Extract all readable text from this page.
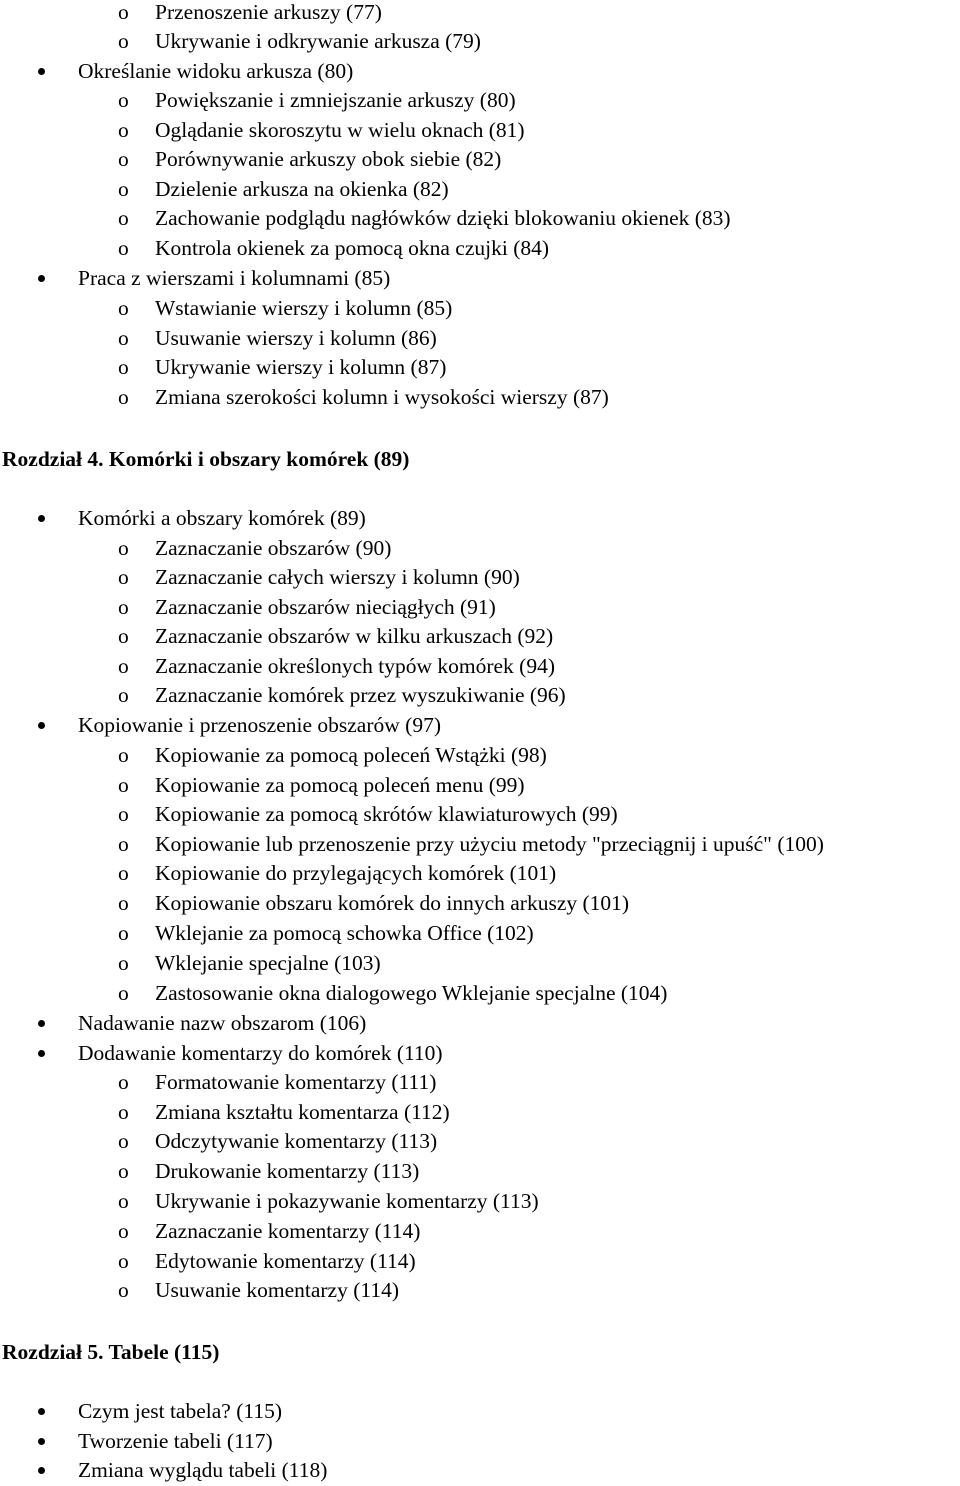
o Przenoszenie arkuszy (77)
o Ukrywanie i odkrywanie arkusza (79)
Określanie widoku arkusza (80)
o Powiększanie i zmniejszanie arkuszy (80)
o Oglądanie skoroszytu w wielu oknach (81)
o Porównywanie arkuszy obok siebie (82)
o Dzielenie arkusza na okienka (82)
o Zachowanie podglądu nagłówków dzięki blokowaniu okienek (83)
o Kontrola okienek za pomocą okna czujki (84)
Praca z wierszami i kolumnami (85)
o Wstawianie wierszy i kolumn (85)
o Usuwanie wierszy i kolumn (86)
o Ukrywanie wierszy i kolumn (87)
o Zmiana szerokości kolumn i wysokości wierszy (87)
Rozdział 4. Komórki i obszary komórek (89)
Komórki a obszary komórek (89)
o Zaznaczanie obszarów (90)
o Zaznaczanie całych wierszy i kolumn (90)
o Zaznaczanie obszarów nieciągłych (91)
o Zaznaczanie obszarów w kilku arkuszach (92)
o Zaznaczanie określonych typów komórek (94)
o Zaznaczanie komórek przez wyszukiwanie (96)
Kopiowanie i przenoszenie obszarów (97)
o Kopiowanie za pomocą poleceń Wstążki (98)
o Kopiowanie za pomocą poleceń menu (99)
o Kopiowanie za pomocą skrótów klawiaturowych (99)
o Kopiowanie lub przenoszenie przy użyciu metody "przeciągnij i upuść" (100)
o Kopiowanie do przylegających komórek (101)
o Kopiowanie obszaru komórek do innych arkuszy (101)
o Wklejanie za pomocą schowka Office (102)
o Wklejanie specjalne (103)
o Zastosowanie okna dialogowego Wklejanie specjalne (104)
Nadawanie nazw obszarom (106)
Dodawanie komentarzy do komórek (110)
o Formatowanie komentarzy (111)
o Zmiana kształtu komentarza (112)
o Odczytywanie komentarzy (113)
o Drukowanie komentarzy (113)
o Ukrywanie i pokazywanie komentarzy (113)
o Zaznaczanie komentarzy (114)
o Edytowanie komentarzy (114)
o Usuwanie komentarzy (114)
Rozdział 5. Tabele (115)
Czym jest tabela? (115)
Tworzenie tabeli (117)
Zmiana wyglądu tabeli (118)
